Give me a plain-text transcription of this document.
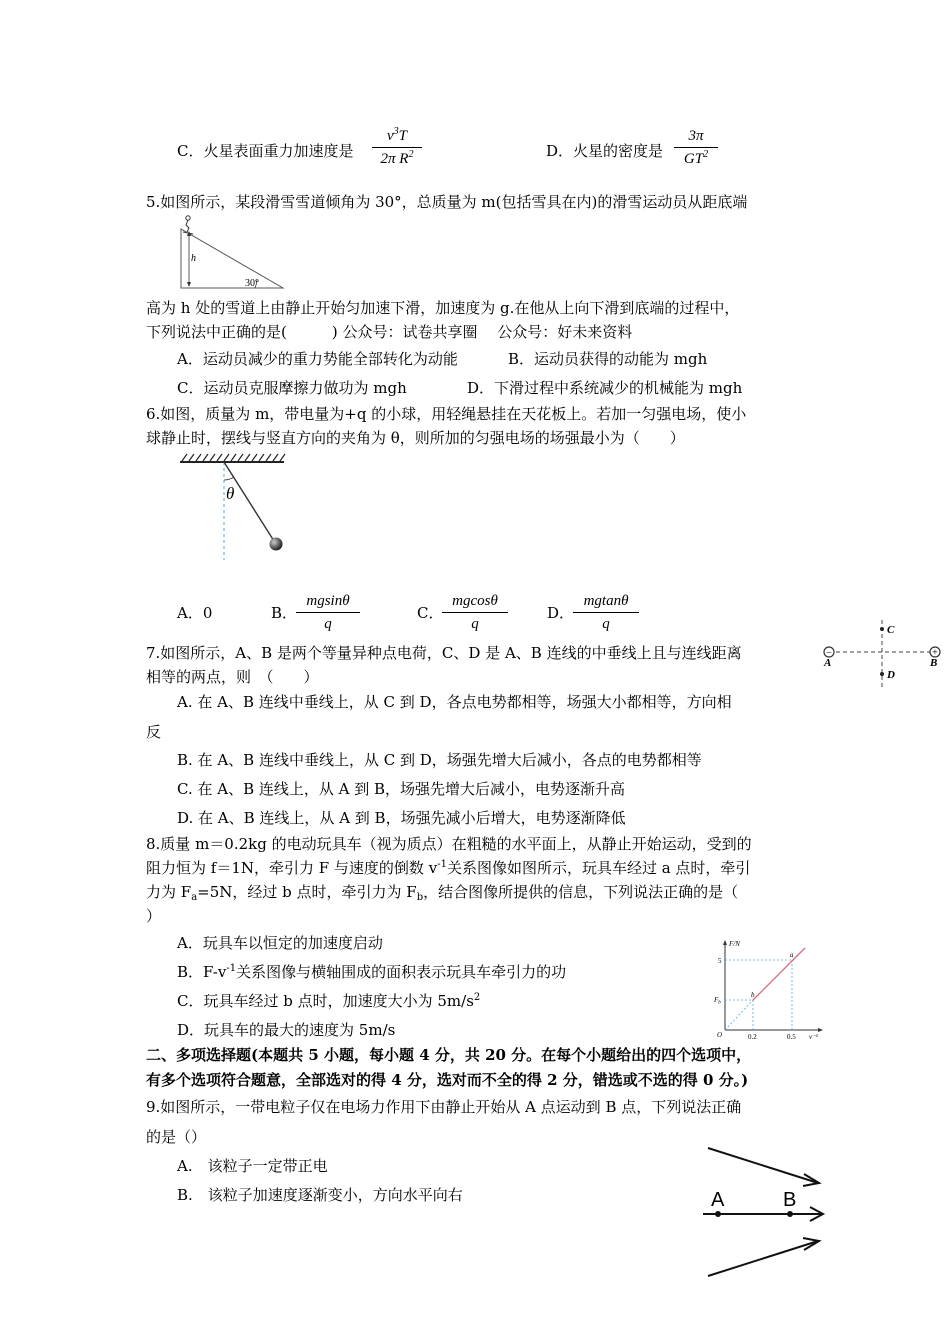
C．火星表面重力加速度是
$v^3T$
2π $R^2$	D．火星的密度是
3π
$GT^2$
5.如图所示，某段滑雪雪道倾角为 30°，总质量为 m(包括雪具在内)的滑雪运动员从距底端
h
30°
高为 h 处的雪道上由静止开始匀加速下滑，加速度为 g.在他从上向下滑到底端的过程中，
下列说法中正确的是(　　　) 公众号：试卷共享圈　 公众号：好未来资料
A．运动员减少的重力势能全部转化为动能	B．运动员获得的动能为 mgh
C．运动员克服摩擦力做功为 mgh	D．下滑过程中系统减少的机械能为 mgh
6.如图，质量为 m，带电量为+q 的小球，用轻绳悬挂在天花板上。若加一匀强电场，使小
球静止时，摆线与竖直方向的夹角为 θ，则所加的匀强电场的场强最小为（　　）
θ
A．0	B．
mgsinθ
q
C．
mgcosθ
q
D．
mgtanθ
q
7.如图所示，A、B 是两个等量异种点电荷，C、D 是 A、B 连线的中垂线上且与连线距离
相等的两点，则　（　　）
−	+
A	B
C
D
A. 在 A、B 连线中垂线上，从 C 到 D，各点电势都相等，场强大小都相等，方向相
反
B. 在 A、B 连线中垂线上，从 C 到 D，场强先增大后减小，各点的电势都相等
C. 在 A、B 连线上，从 A 到 B，场强先增大后减小，电势逐渐升高
D. 在 A、B 连线上，从 A 到 B，场强先减小后增大，电势逐渐降低
8.质量 m＝0.2kg 的电动玩具车（视为质点）在粗糙的水平面上，从静止开始运动，受到的
阻力恒为 f＝1N，牵引力 F 与速度的倒数 $v^{-1}$关系图像如图所示，玩具车经过 a 点时，牵引
力为 $F_a=5N$，经过 b 点时，牵引力为 $F_b$，结合图像所提供的信息，下列说法正确的是（
）
A．玩具车以恒定的加速度启动
B．$F-v^{-1}$关系图像与横轴围成的面积表示玩具车牵引力的功
C．玩具车经过 b 点时，加速度大小为 $5m/s^2$
D．玩具车的最大的速度为 5m/s
F/N
v⁻¹
O
5
$F_b$
0.2	0.5
a
b
二、多项选择题(本题共 5 小题，每小题 4 分，共 20 分。在每个小题给出的四个选项中，
有多个选项符合题意，全部选对的得 4 分，选对而不全的得 2 分，错选或不选的得 0 分。)
9.如图所示，一带电粒子仅在电场力作用下由静止开始从 A 点运动到 B 点，下列说法正确
的是（）
A.　该粒子一定带正电
B.　该粒子加速度逐渐变小，方向水平向右	A	B
